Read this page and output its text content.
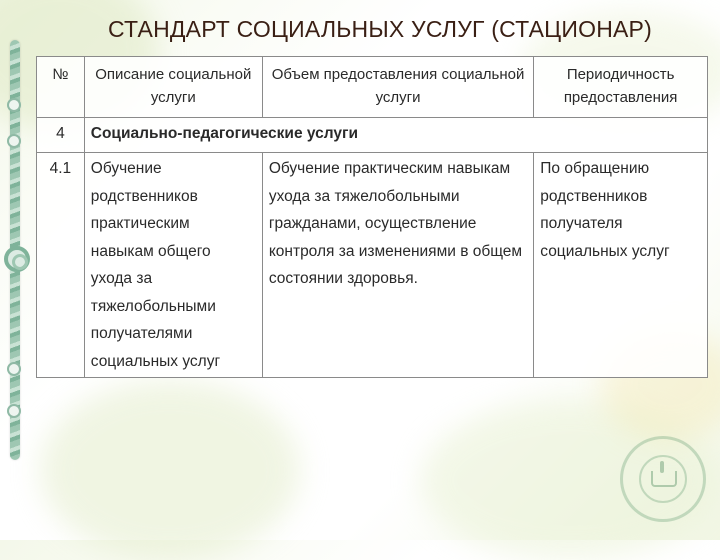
СТАНДАРТ СОЦИАЛЬНЫХ УСЛУГ (СТАЦИОНАР)
№	Описание социальной услуги	Объем предоставления социальной услуги	Периодичность предоставления
4	Социально-педагогические услуги		
4.1	Обучение родственников практическим навыкам общего ухода за тяжелобольными получателями социальных услуг	Обучение практическим навыкам ухода за тяжелобольными гражданами, осуществление контроля за изменениями в общем состоянии здоровья.	По обращению родственников получателя социальных услуг
